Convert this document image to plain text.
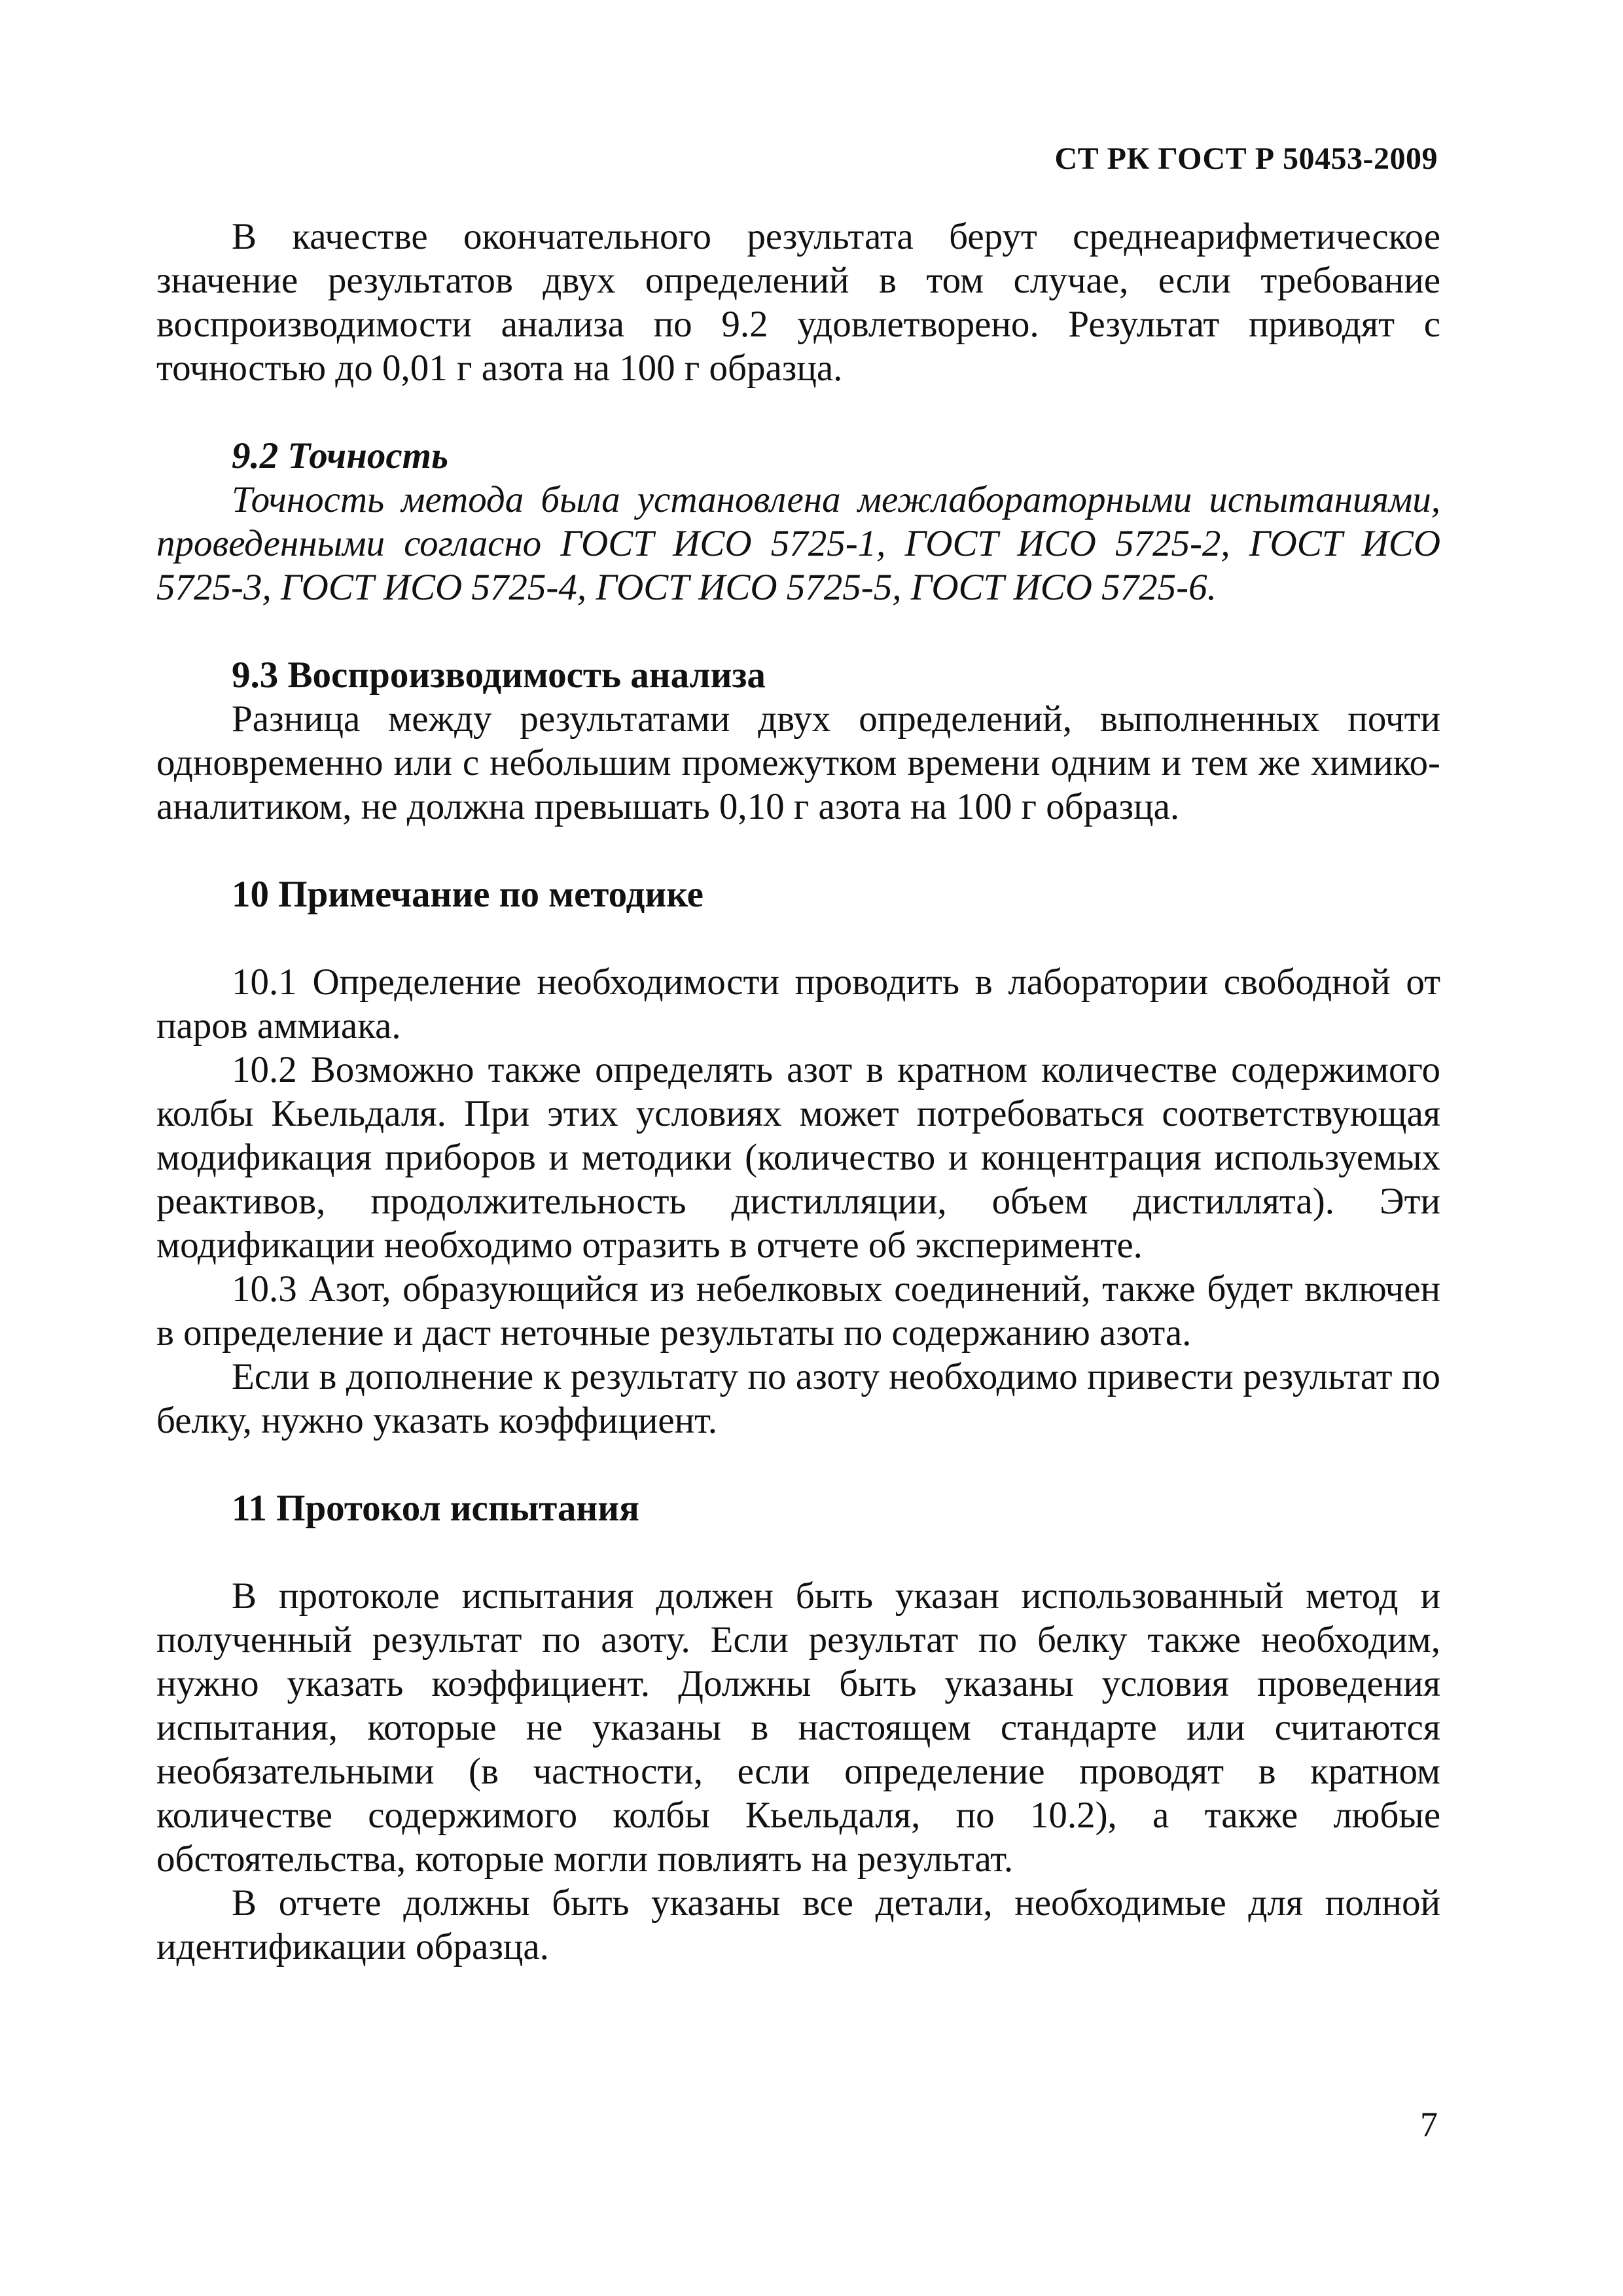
СТ РК ГОСТ Р 50453-2009

В качестве окончательного результата берут среднеарифметическое значение результатов двух определений в том случае, если требование воспроизводимости анализа по 9.2 удовлетворено. Результат приводят с точностью до 0,01 г азота на 100 г образца.

9.2 Точность

Точность метода была установлена межлабораторными испытаниями, проведенными согласно ГОСТ ИСО 5725-1, ГОСТ ИСО 5725-2, ГОСТ ИСО 5725-3, ГОСТ ИСО 5725-4, ГОСТ ИСО 5725-5, ГОСТ ИСО 5725-6.

9.3 Воспроизводимость анализа

Разница между результатами двух определений, выполненных почти одновременно или с небольшим промежутком времени одним и тем же химико-аналитиком, не должна превышать 0,10 г азота на 100 г образца.

10 Примечание по методике

10.1 Определение необходимости проводить в лаборатории свободной от паров аммиака.

10.2 Возможно также определять азот в кратном количестве содержимого колбы Кьельдаля. При этих условиях может потребоваться соответствующая модификация приборов и методики (количество и концентрация используемых реактивов, продолжительность дистилляции, объем дистиллята). Эти модификации необходимо отразить в отчете об эксперименте.

10.3 Азот, образующийся из небелковых соединений, также будет включен в определение и даст неточные результаты по содержанию азота.

Если в дополнение к результату по азоту необходимо привести результат по белку, нужно указать коэффициент.

11 Протокол испытания

В протоколе испытания должен быть указан использованный метод и полученный результат по азоту. Если результат по белку также необходим, нужно указать коэффициент. Должны быть указаны условия проведения испытания, которые не указаны в настоящем стандарте или считаются необязательными (в частности, если определение проводят в кратном количестве содержимого колбы Кьельдаля, по 10.2), а также любые обстоятельства, которые могли повлиять на результат.

В отчете должны быть указаны все детали, необходимые для полной идентификации образца.

7
